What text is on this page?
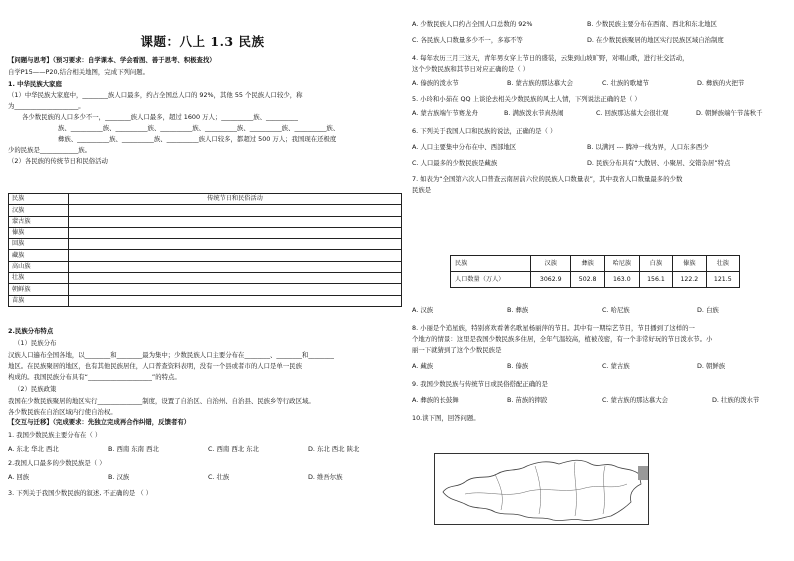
课题：八上 1.3 民族
【问题与思考】（预习要求：自学课本、学会看图、善于思考、积极查找）
自学P15——P20,结合相关地图，完成下列问题。
1. 中华民族大家庭
（1）中华民族大家庭中，________族人口最多，约占全国总人口的 92%，其他 55 个民族人口较少，称
为____________________。
各少数民族的人口多少不一，________族人口最多，超过 1600 万人；__________族、__________
族、__________族、__________族、__________族、__________族、__________族、__________族、
彝族、__________族、__________族、__________族人口较多，都超过 500 万人；我国现在还极度
少的民族是____________族。
（2）各民族的传统节日和民俗活动
民族	传统节日和民俗活动
汉族	
蒙古族	
傣族	
回族	
藏族	
高山族	
壮族	
朝鲜族	
苗族	
2.民族分布特点
（1）民族分布
汉族人口遍布全国各地，以________和________最为集中；少数民族人口主要分布在________、________和________
地区。在民族聚居的地区，也有其他民族居住，人口普查资料表明，没有一个县或者市的人口是单一民族
构成的。我国民族分布具有“____________________”的特点。
（2）民族政策
我国在少数民族聚居的地区实行______________制度，设置了自治区、自治州、自治县、民族乡等行政区域。
各少数民族在自治区域内行使自治权。
【交互与迁移】（完成要求：先独立完成再合作纠错，反馈者有）
1. 我国少数民族主要分布在（ ）
A. 东北 华北 西北	B. 西南 东南 西北	C. 西南 西北 东北	D. 东北 西北 陕北
2.我国人口最多的少数民族是（ ）
A. 回族	B. 汉族	C. 壮族	D. 维吾尔族
3. 下列关于我国少数民族的叙述, 不正确的是 （ ）
A. 少数民族人口约占全国人口总数的 92%	B. 少数民族主要分布在西南、西北和东北地区
C. 各民族人口数量多少不一，多寡不等	D. 在少数民族聚居的地区实行民族区域自治制度
4. 每年农历三月三这天，青年男女穿上节日的盛装，云集到山坡旷野，对唱山歌，进行社交活动，
这个少数民族和其节日对应正确的是（ ）
A. 傣族的泼水节	B. 蒙古族的那达慕大会	C. 壮族的歌墟节	D. 彝族的火把节
5. 小玲和小茹在 QQ 上谈论去相关少数民族的风土人情，下列说法正确的是（ ）
A. 蒙古族端午节赛龙舟	B. 满族泼水节真热闹	C. 回族那达慕大会很壮观	D. 朝鲜族端午节荡秋千
6. 下列关于我国人口和民族的说法，正确的是（ ）
A. 人口主要集中分布在中、西部地区	B. 以满河 --- 腾冲一线为界，人口东多西少
C. 人口最多的少数民族是藏族	D. 民族分布具有“大散居、小聚居、交错杂居”特点
7. 如表为“全国第六次人口普查云南居前六位的民族人口数量表”，其中我省人口数量最多的少数
民族是
民族	汉族	彝族	哈尼族	白族	傣族	壮族
人口数量（万人）	3062.9	502.8	163.0	156.1	122.2	121.5
A. 汉族	B. 彝族	C. 哈尼族	D. 白族
8. 小丽是个追星族，特别喜欢看著名歌星杨丽萍的节目。其中有一期综艺节目，节目播到了这样的一
个地方的情景：这里是我国少数民族多住居，全年气温较高，植被茂密，有一个非常好玩的节日泼水节。小
丽一下就猜到了这个少数民族是
A. 藏族	B. 傣族	C. 蒙古族	D. 朝鲜族
9. 我国少数民族与传统节日或民俗搭配正确的是
A. 彝族的长鼓舞	B. 苗族的摔跤	C. 蒙古族的那达慕大会	D. 壮族的泼水节
10.读下图，回答问题。
